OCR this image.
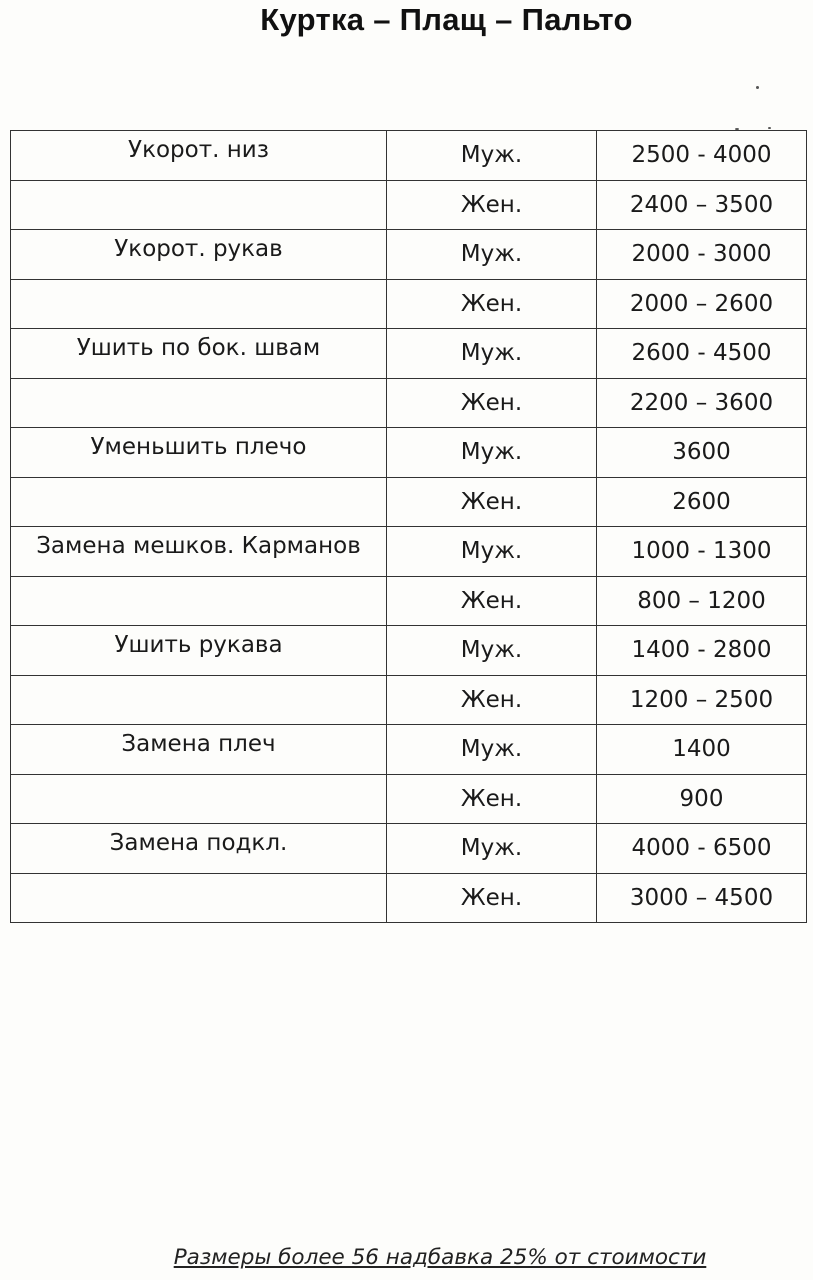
Куртка – Плащ – Пальто
Укорот. низ	Муж.	2500 - 4000
	Жен.	2400 – 3500
Укорот. рукав	Муж.	2000 - 3000
	Жен.	2000 – 2600
Ушить по бок. швам	Муж.	2600 - 4500
	Жен.	2200 – 3600
Уменьшить плечо	Муж.	3600
	Жен.	2600
Замена мешков. Карманов	Муж.	1000 - 1300
	Жен.	800 – 1200
Ушить рукава	Муж.	1400 - 2800
	Жен.	1200 – 2500
Замена плеч	Муж.	1400
	Жен.	900
Замена подкл.	Муж.	4000 - 6500
	Жен.	3000 – 4500
Размеры более 56 надбавка 25% от стоимости
